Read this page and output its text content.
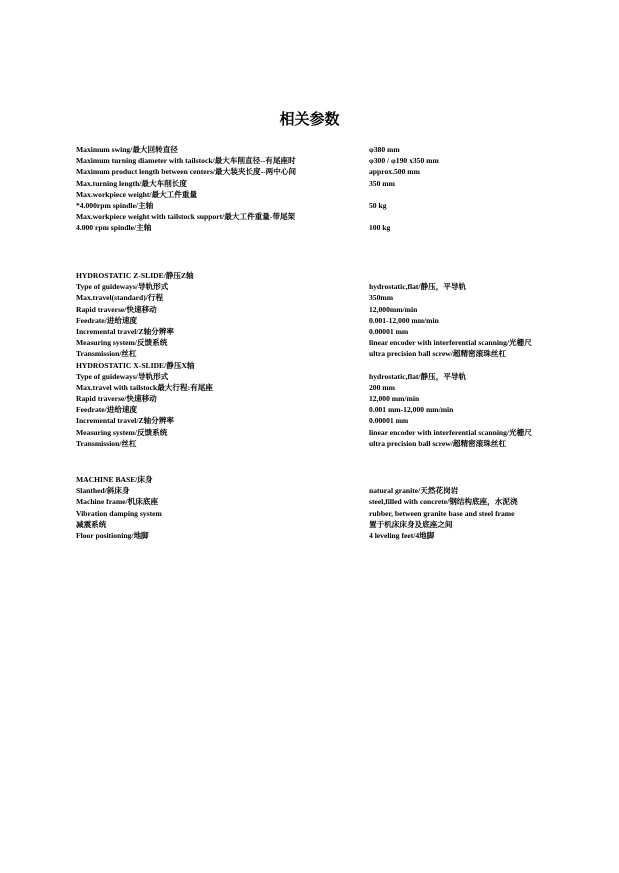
相关参数
Maximum swing/最大回转直径	φ380 mm
Maximum turning diameter with tailstock/最大车削直径--有尾座时	φ300 / φ190 x350 mm
Maximum product length between centers/最大装夹长度--两中心间	approx.500 mm
Max.turning length/最大车削长度	350 mm
Max.workpiece weight/最大工件重量
*4.000rpm spindle/主轴	50 kg
Max.workpiece weight with tailstock support/最大工件重量-带尾架
4.000 rpm spindle/主轴	100 kg
HYDROSTATIC Z-SLIDE/静压Z轴
Type of guideways/导轨形式	hydrostatic,flat/静压，平导轨
Max.travel(standard)/行程	350mm
Rapid traverse/快速移动	12,000mm/min
Feedrate/进给速度	0.001-12,000 mm/min
Incremental travel/Z轴分辨率	0.00001 mm
Measuring system/反馈系统	linear encoder with interferential scanning/光栅尺
Transmission/丝杠	ultra precision ball screw/超精密滚珠丝杠
HYDROSTATIC X-SLIDE/静压X轴
Type of guideways/导轨形式	hydrostatic,flat/静压，平导轨
Max.travel with tailstock最大行程:有尾座	200 mm
Rapid traverse/快速移动	12,000 mm/min
Feedrate/进给速度	0.001 mm-12,000 mm/min
Incremental travel/Z轴分辨率	0.00001 mm
Measuring system/反馈系统	linear encoder with interferential scanning/光栅尺
Transmission/丝杠	ultra precision ball screw/超精密滚珠丝杠
MACHINE BASE/床身
Slanthed/斜床身	natural granite/天然花岗岩
Machine frame/机床底座	steel,filled with concrete/钢结构底座，水泥浇
Vibration damping system	rubber, between granite base and steel frame
减震系统	置于机床床身及底座之间
Floor positioning/地脚	4 leveling feet/4地脚
